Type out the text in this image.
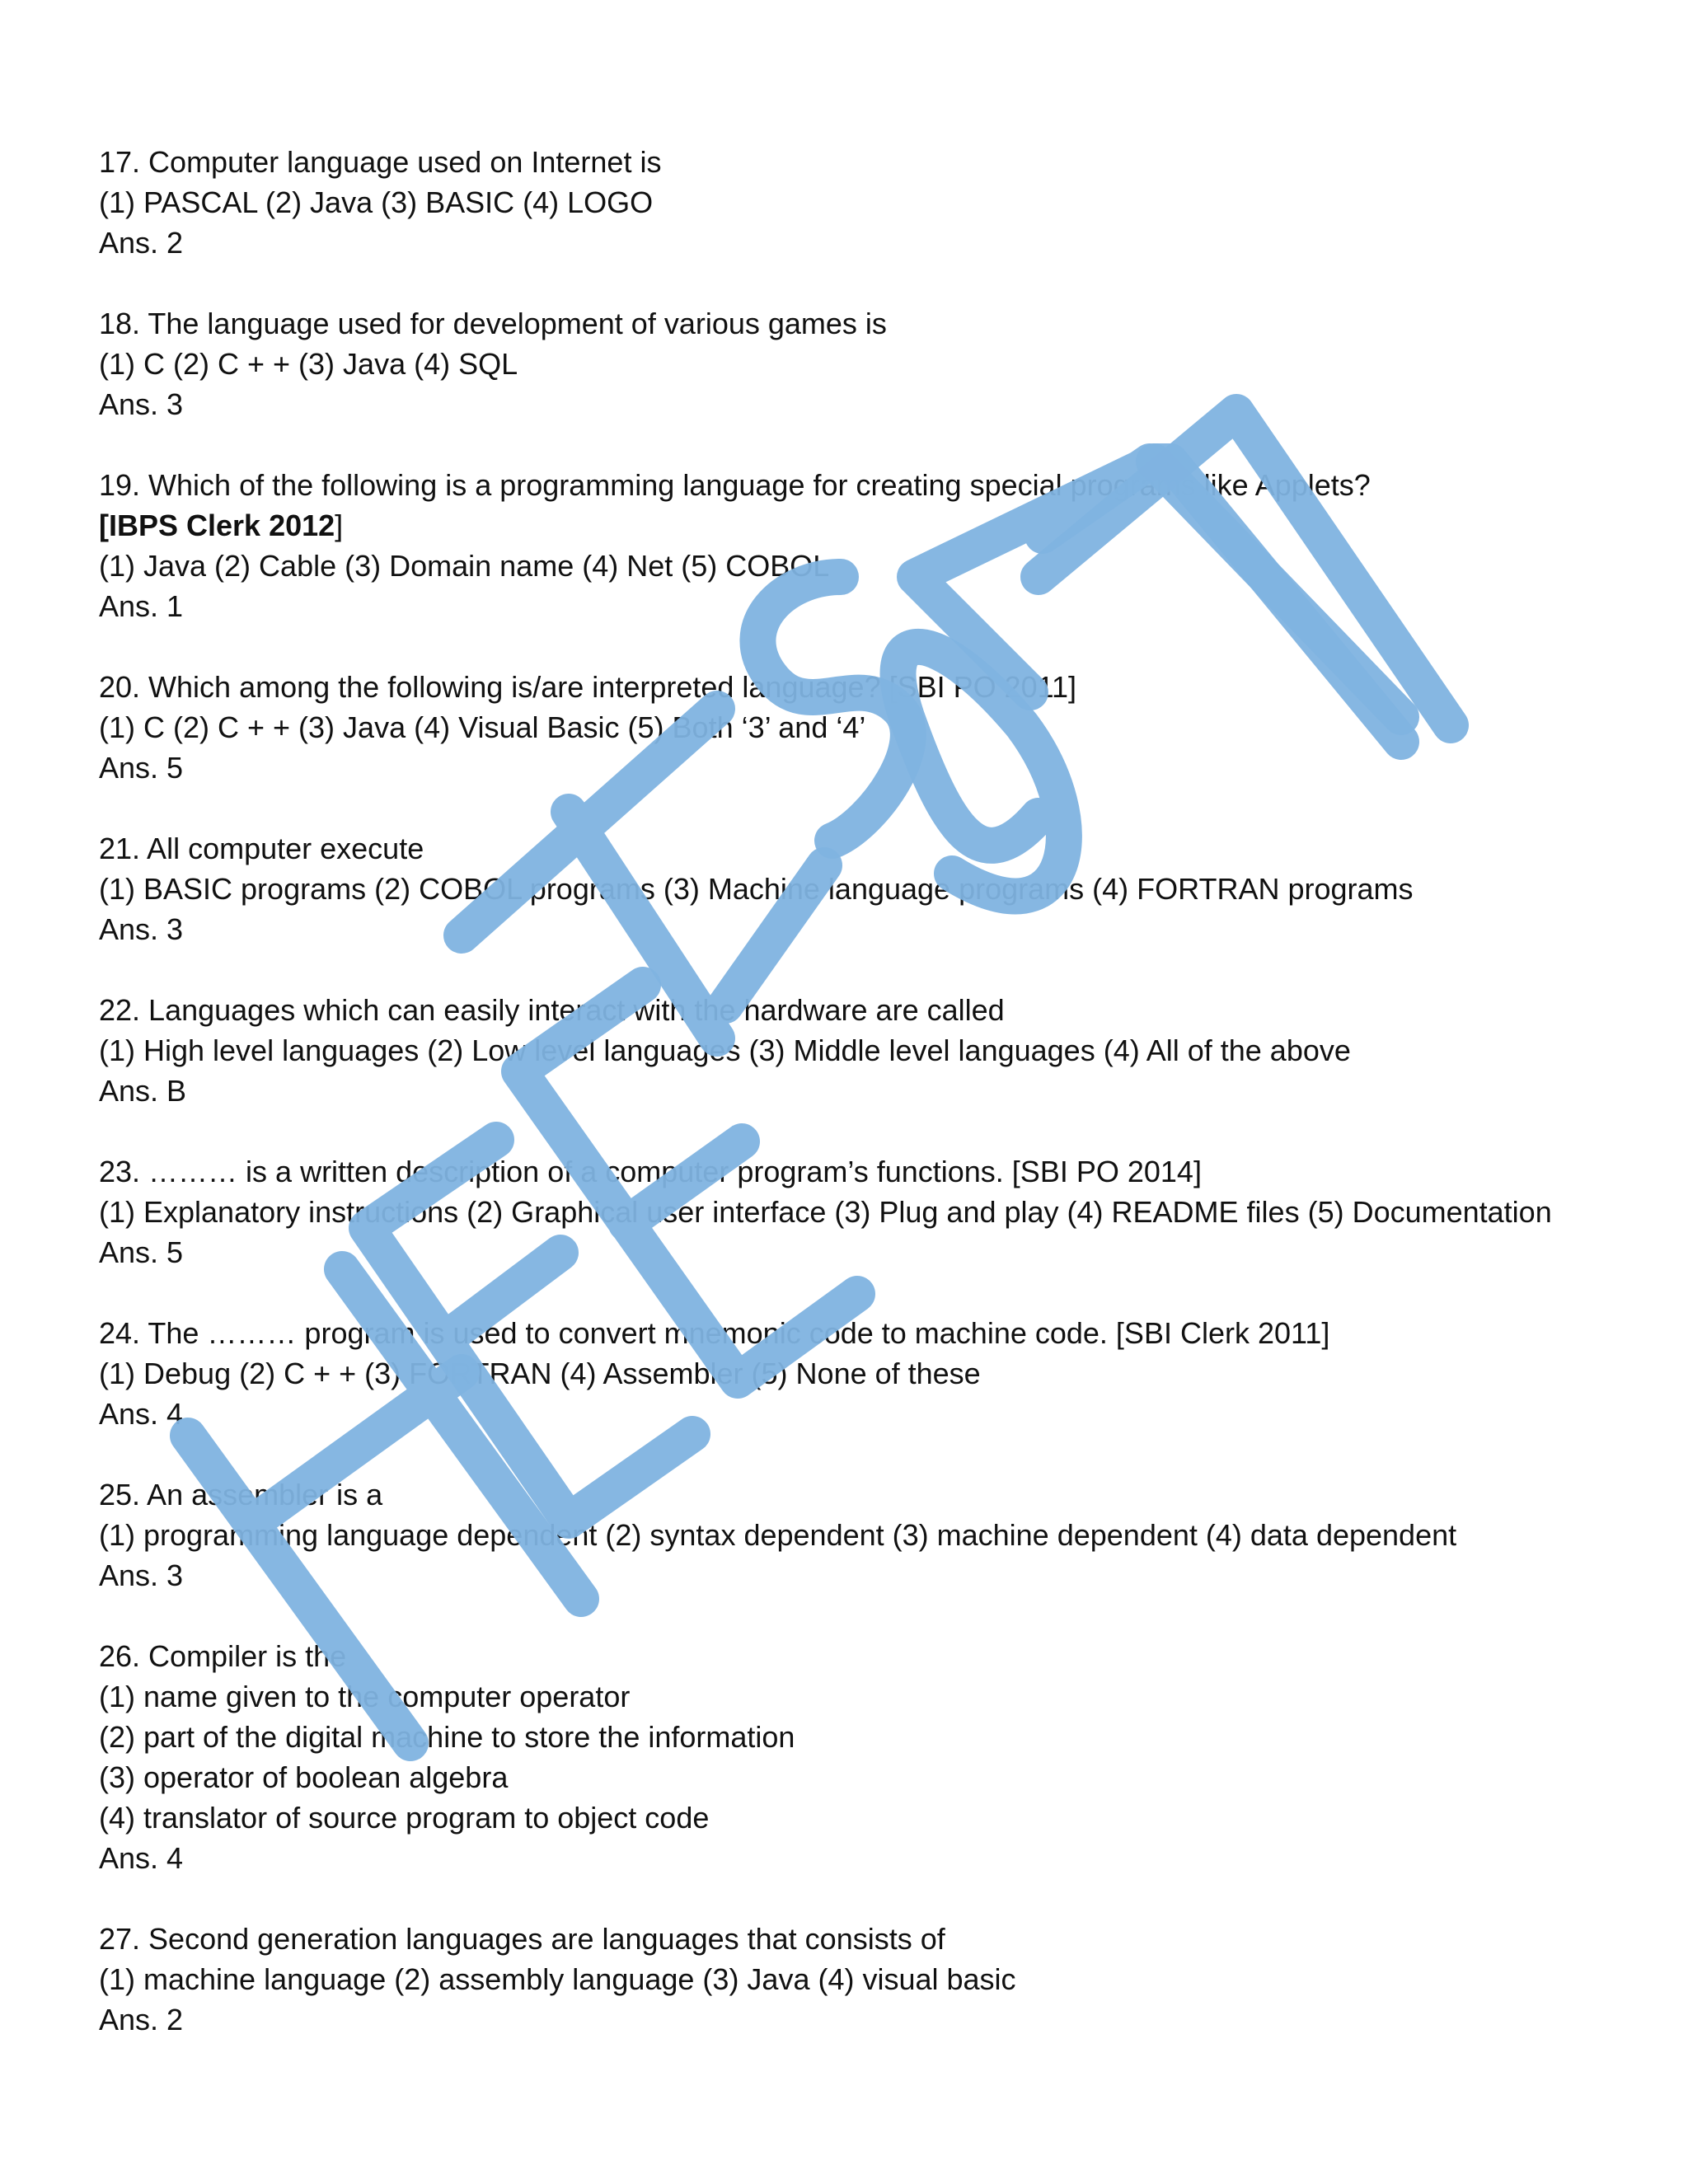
17. Computer language used on Internet is
(1) PASCAL (2) Java (3) BASIC (4) LOGO
Ans. 2
18. The language used for development of various games is
(1) C (2) C + + (3) Java (4) SQL
Ans. 3
19. Which of the following is a programming language for creating special programs like Applets?
[IBPS Clerk 2012]
(1) Java (2) Cable (3) Domain name (4) Net (5) COBOL
Ans. 1
20. Which among the following is/are interpreted language? [SBI PO 2011]
(1) C (2) C + + (3) Java (4) Visual Basic (5) Both ‘3’ and ‘4’
Ans. 5
21. All computer execute
(1) BASIC programs (2) COBOL programs (3) Machine language programs (4) FORTRAN programs
Ans. 3
22. Languages which can easily interact with the hardware are called
(1) High level languages (2) Low level languages (3) Middle level languages (4) All of the above
Ans. B
23. ……… is a written description of a computer program’s functions. [SBI PO 2014]
(1) Explanatory instructions (2) Graphical user interface (3) Plug and play (4) README files (5) Documentation
Ans. 5
24. The ……… program is used to convert mnemonic code to machine code. [SBI Clerk 2011]
(1) Debug (2) C + + (3) FORTRAN (4) Assembler (5) None of these
Ans. 4
25. An assembler is a
(1) programming language dependent (2) syntax dependent (3) machine dependent (4) data dependent
Ans. 3
26. Compiler is the
(1) name given to the computer operator
(2) part of the digital machine to store the information
(3) operator of boolean algebra
(4) translator of source program to object code
Ans. 4
27. Second generation languages are languages that consists of
(1) machine language (2) assembly language (3) Java (4) visual basic
Ans. 2
